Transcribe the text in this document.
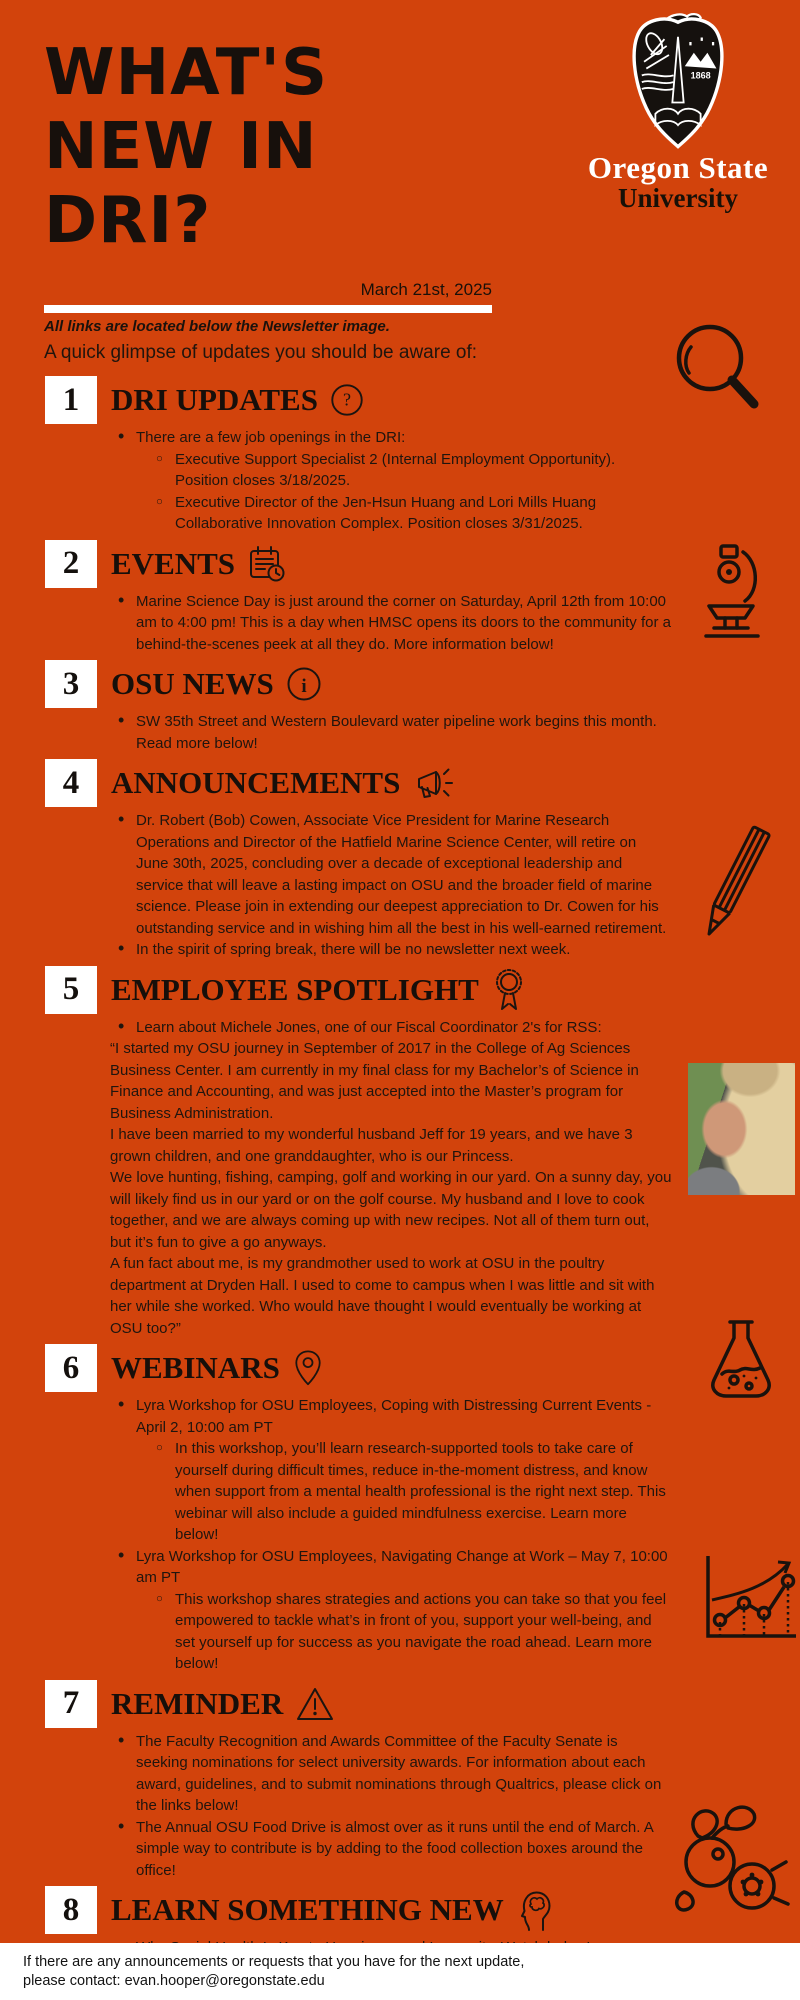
WHAT'S
NEW IN
DRI?
1868
Oregon State
University
March 21st, 2025
All links are located below the Newsletter image.
A quick glimpse of updates you should be aware of:
1	DRI UPDATES ?
• There are a few job openings in the DRI:
○ Executive Support Specialist 2 (Internal Employment Opportunity). Position closes 3/18/2025.
○ Executive Director of the Jen-Hsun Huang and Lori Mills Huang Collaborative Innovation Complex. Position closes 3/31/2025.
2	EVENTS
• Marine Science Day is just around the corner on Saturday, April 12th from 10:00 am to 4:00 pm! This is a day when HMSC opens its doors to the community for a behind-the-scenes peek at all they do. More information below!
3	OSU NEWS i
• SW 35th Street and Western Boulevard water pipeline work begins this month. Read more below!
4	ANNOUNCEMENTS
• Dr. Robert (Bob) Cowen, Associate Vice President for Marine Research Operations and Director of the Hatfield Marine Science Center, will retire on June 30th, 2025, concluding over a decade of exceptional leadership and service that will leave a lasting impact on OSU and the broader field of marine science. Please join in extending our deepest appreciation to Dr. Cowen for his outstanding service and in wishing him all the best in his well-earned retirement.
• In the spirit of spring break, there will be no newsletter next week.
5	EMPLOYEE SPOTLIGHT
• Learn about Michele Jones, one of our Fiscal Coordinator 2's for RSS:

“I started my OSU journey in September of 2017 in the College of Ag Sciences Business Center. I am currently in my final class for my Bachelor’s of Science in Finance and Accounting, and was just accepted into the Master’s program for Business Administration.

I have been married to my wonderful husband Jeff for 19 years, and we have 3 grown children, and one granddaughter, who is our Princess.

We love hunting, fishing, camping, golf and working in our yard. On a sunny day, you will likely find us in our yard or on the golf course. My husband and I love to cook together, and we are always coming up with new recipes. Not all of them turn out, but it’s fun to give a go anyways.

A fun fact about me, is my grandmother used to work at OSU in the poultry department at Dryden Hall. I used to come to campus when I was little and sit with her while she worked. Who would have thought I would eventually be working at OSU too?”

6	WEBINARS
• Lyra Workshop for OSU Employees, Coping with Distressing Current Events - April 2, 10:00 am PT
○ In this workshop, you’ll learn research-supported tools to take care of yourself during difficult times, reduce in-the-moment distress, and know when support from a mental health professional is the right next step. This webinar will also include a guided mindfulness exercise. Learn more below!
• Lyra Workshop for OSU Employees, Navigating Change at Work – May 7, 10:00 am PT
○ This workshop shares strategies and actions you can take so that you feel empowered to tackle what’s in front of you, support your well-being, and set yourself up for success as you navigate the road ahead. Learn more below!
7	REMINDER
• The Faculty Recognition and Awards Committee of the Faculty Senate is seeking nominations for select university awards. For information about each award, guidelines, and to submit nominations through Qualtrics, please click on the links below!
• The Annual OSU Food Drive is almost over as it runs until the end of March. A simple way to contribute is by adding to the food collection boxes around the office!
8	LEARN SOMETHING NEW
•
If there are any announcements or requests that you have for the next update,
please contact: evan.hooper@oregonstate.edu
